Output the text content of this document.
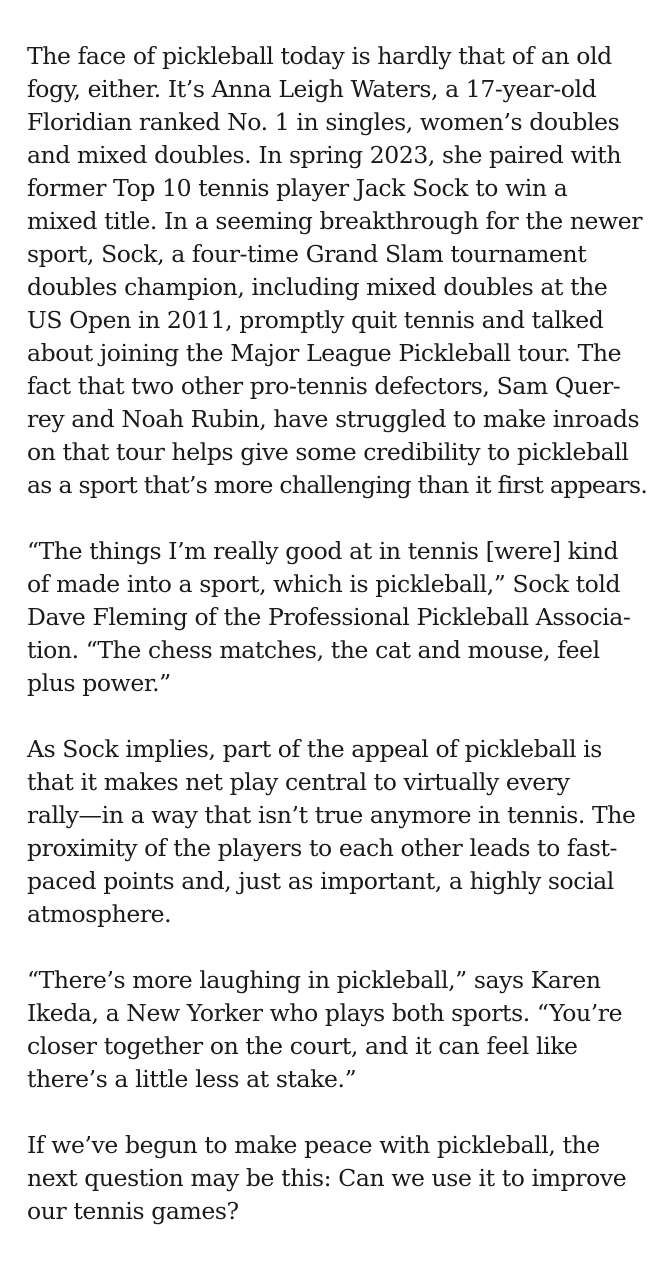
The face of pickleball today is hardly that of an old
fogy, either. It’s Anna Leigh Waters, a 17-year-old
Floridian ranked No. 1 in singles, women’s doubles
and mixed doubles. In spring 2023, she paired with
former Top 10 tennis player Jack Sock to win a
mixed title. In a seeming breakthrough for the newer
sport, Sock, a four-time Grand Slam tournament
doubles champion, including mixed doubles at the
US Open in 2011, promptly quit tennis and talked
about joining the Major League Pickleball tour. The
fact that two other pro-tennis defectors, Sam Quer-
rey and Noah Rubin, have struggled to make inroads
on that tour helps give some credibility to pickleball
as a sport that’s more challenging than it first appears.

“The things I’m really good at in tennis [were] kind
of made into a sport, which is pickleball,” Sock told
Dave Fleming of the Professional Pickleball Associa-
tion. “The chess matches, the cat and mouse, feel
plus power.”

As Sock implies, part of the appeal of pickleball is
that it makes net play central to virtually every
rally—in a way that isn’t true anymore in tennis. The
proximity of the players to each other leads to fast-
paced points and, just as important, a highly social
atmosphere.

“There’s more laughing in pickleball,” says Karen
Ikeda, a New Yorker who plays both sports. “You’re
closer together on the court, and it can feel like
there’s a little less at stake.”

If we’ve begun to make peace with pickleball, the
next question may be this: Can we use it to improve
our tennis games?
